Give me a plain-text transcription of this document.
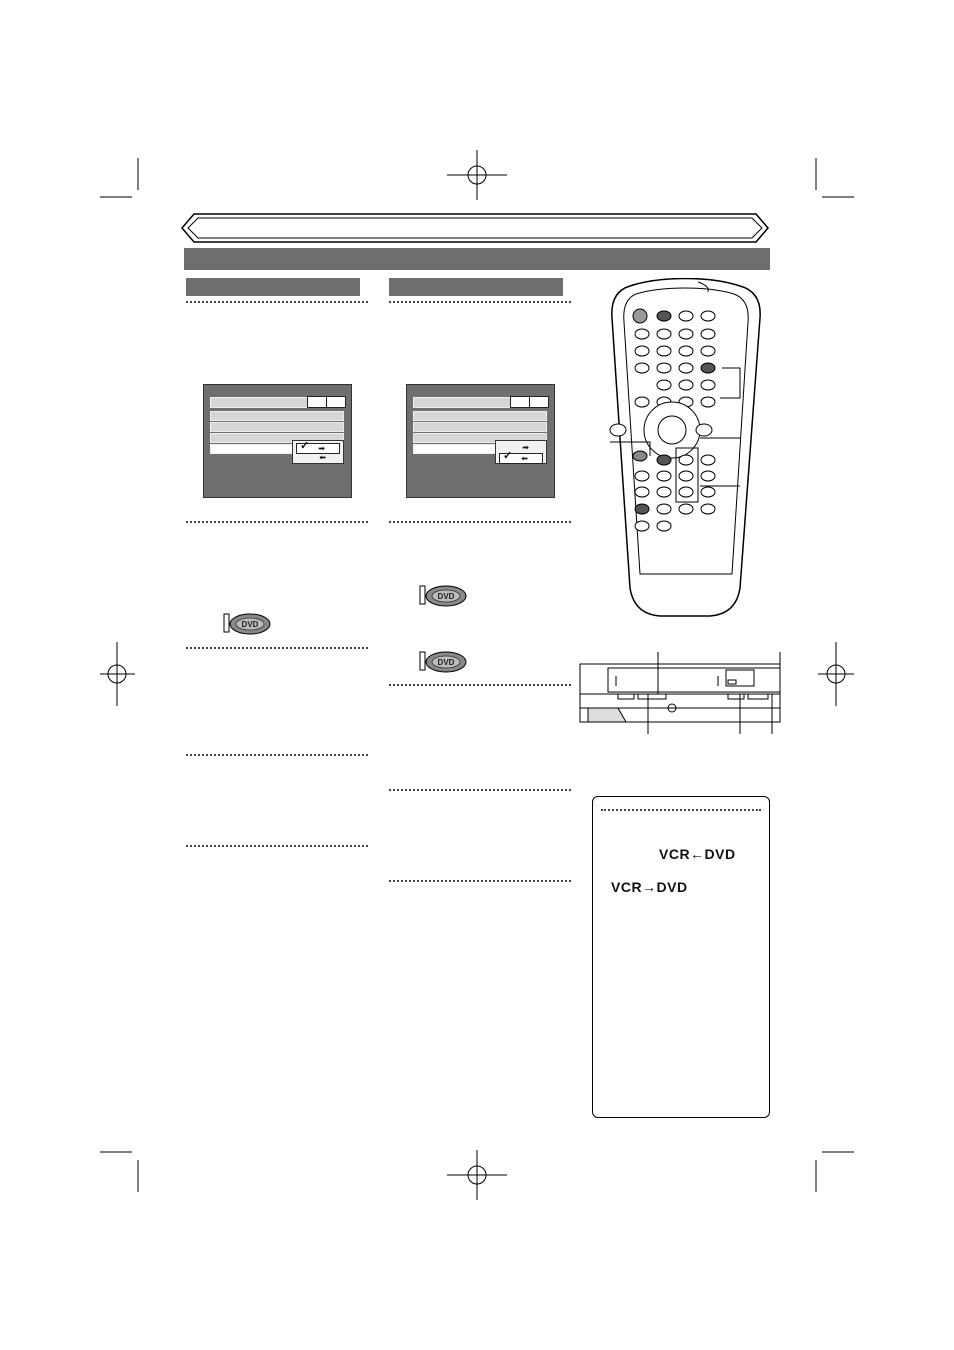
✓ ➡
⬅
➡
✓ ⬅
DVD
DVD
DVD
VCR←DVD
VCR→DVD
